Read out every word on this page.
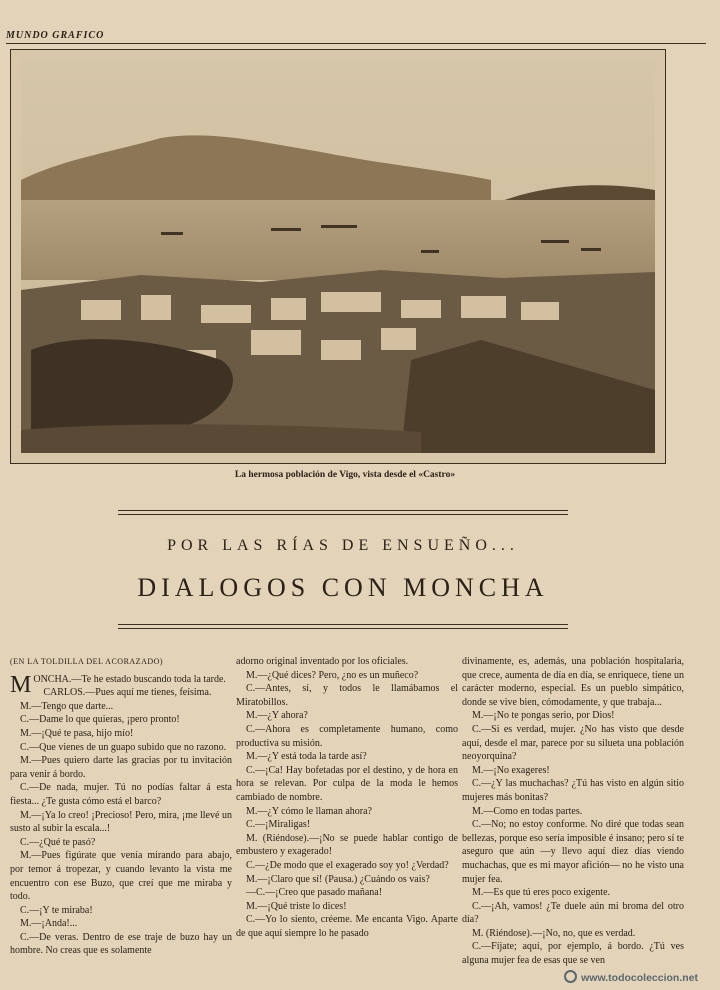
MUNDO GRAFICO
La hermosa población de Vigo, vista desde el «Castro»
POR LAS RÍAS DE ENSUEÑO...
DIALOGOS CON MONCHA

(EN LA TOLDILLA DEL ACORAZADO)

M ONCHA.—Te he estado buscando toda la tarde.

CARLOS.—Pues aquí me tienes, feísima.

M.—Tengo que darte...

C.—Dame lo que quieras, ¡pero pronto!

M.—¡Qué te pasa, hijo mío!

C.—Que vienes de un guapo subido que no razono.

M.—Pues quiero darte las gracias por tu invitación para venir á bordo.

C.—De nada, mujer. Tú no podías faltar á esta fiesta... ¿Te gusta cómo está el barco?

M.—¡Ya lo creo! ¡Precioso! Pero, mira, ¡me llevé un susto al subir la escala...!

C.—¿Qué te pasó?

M.—Pues figúrate que venía mirando para abajo, por temor á tropezar, y cuando levanto la vista me encuentro con ese Buzo, que creí que me miraba y todo.

C.—¡Y te miraba!

M.—¡Anda!...

C.—De veras. Dentro de ese traje de buzo hay un hombre. No creas que es solamente

adorno original inventado por los oficiales.

M.—¿Qué dices? Pero, ¿no es un muñeco?

C.—Antes, sí, y todos le llamábamos el Miratobillos.

M.—¿Y ahora?

C.—Ahora es completamente humano, como productiva su misión.

M.—¿Y está toda la tarde así?

C.—¡Ca! Hay bofetadas por el destino, y de hora en hora se relevan. Por culpa de la moda le hemos cambiado de nombre.

M.—¿Y cómo le llaman ahora?

C.—¡Miraligas!

M. (Riéndose).—¡No se puede hablar contigo de embustero y exagerado!

C.—¿De modo que el exagerado soy yo! ¿Verdad?

M.—¡Claro que sí! (Pausa.) ¿Cuándo os vais?

—C.—¡Creo que pasado mañana!

M.—¡Qué triste lo dices!

C.—Yo lo siento, créeme. Me encanta Vigo. Aparte de que aquí siempre lo he pasado

divinamente, es, además, una población hospitalaria, que crece, aumenta de día en día, se enriquece, tiene un carácter moderno, especial. Es un pueblo simpático, donde se vive bien, cómodamente, y que trabaja...

M.—¡No te pongas serio, por Dios!

C.—Si es verdad, mujer. ¿No has visto que desde aquí, desde el mar, parece por su silueta una población neoyorquina?

M.—¡No exageres!

C.—¿Y las muchachas? ¿Tú has visto en algún sitio mujeres más bonitas?

M.—Como en todas partes.

C.—No; no estoy conforme. No diré que todas sean bellezas, porque eso sería imposible é insano; pero sí te aseguro que aún —y llevo aquí diez días viendo muchachas, que es mi mayor afición— no he visto una mujer fea.

M.—Es que tú eres poco exigente.

C.—¡Ah, vamos! ¿Te duele aún mi broma del otro día?

M. (Riéndose).—¡No, no, que es verdad.

C.—Fíjate; aquí, por ejemplo, á bordo. ¿Tú ves alguna mujer fea de esas que se ven

www.todocoleccion.net
